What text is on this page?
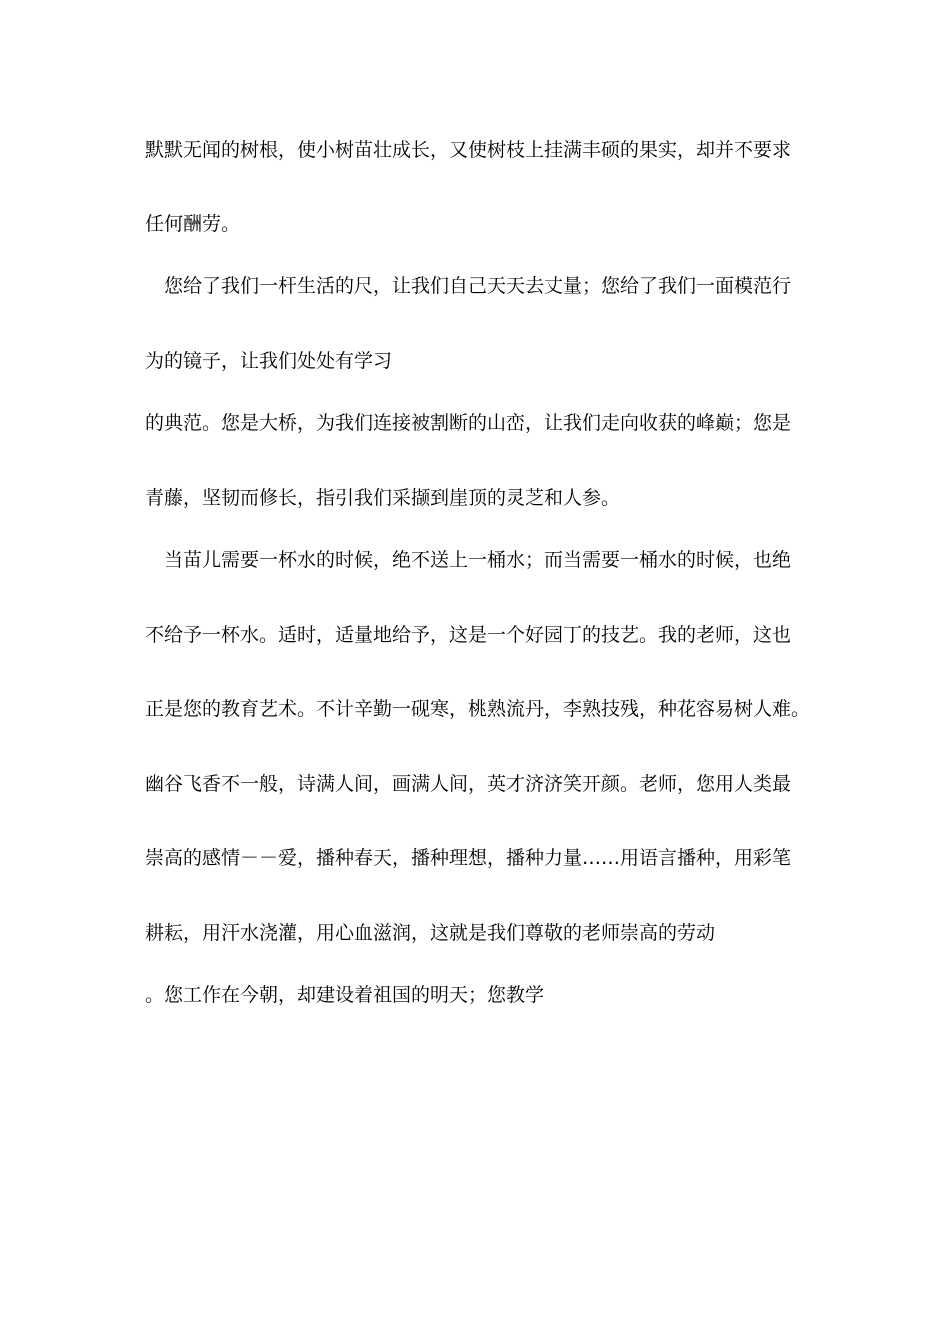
默默无闻的树根，使小树苗壮成长，又使树枝上挂满丰硕的果实，却并不要求
任何酬劳。
　您给了我们一杆生活的尺，让我们自己天天去丈量；您给了我们一面模范行
为的镜子，让我们处处有学习
的典范。您是大桥，为我们连接被割断的山峦，让我们走向收获的峰巅；您是
青藤，坚韧而修长，指引我们采撷到崖顶的灵芝和人参。
　当苗儿需要一杯水的时候，绝不送上一桶水；而当需要一桶水的时候，也绝
不给予一杯水。适时，适量地给予，这是一个好园丁的技艺。我的老师，这也
正是您的教育艺术。不计辛勤一砚寒，桃熟流丹，李熟技残，种花容易树人难。
幽谷飞香不一般，诗满人间，画满人间，英才济济笑开颜。老师，您用人类最
崇高的感情－－爱，播种春天，播种理想，播种力量……用语言播种，用彩笔
耕耘，用汗水浇灌，用心血滋润，这就是我们尊敬的老师崇高的劳动
。您工作在今朝，却建设着祖国的明天；您教学
